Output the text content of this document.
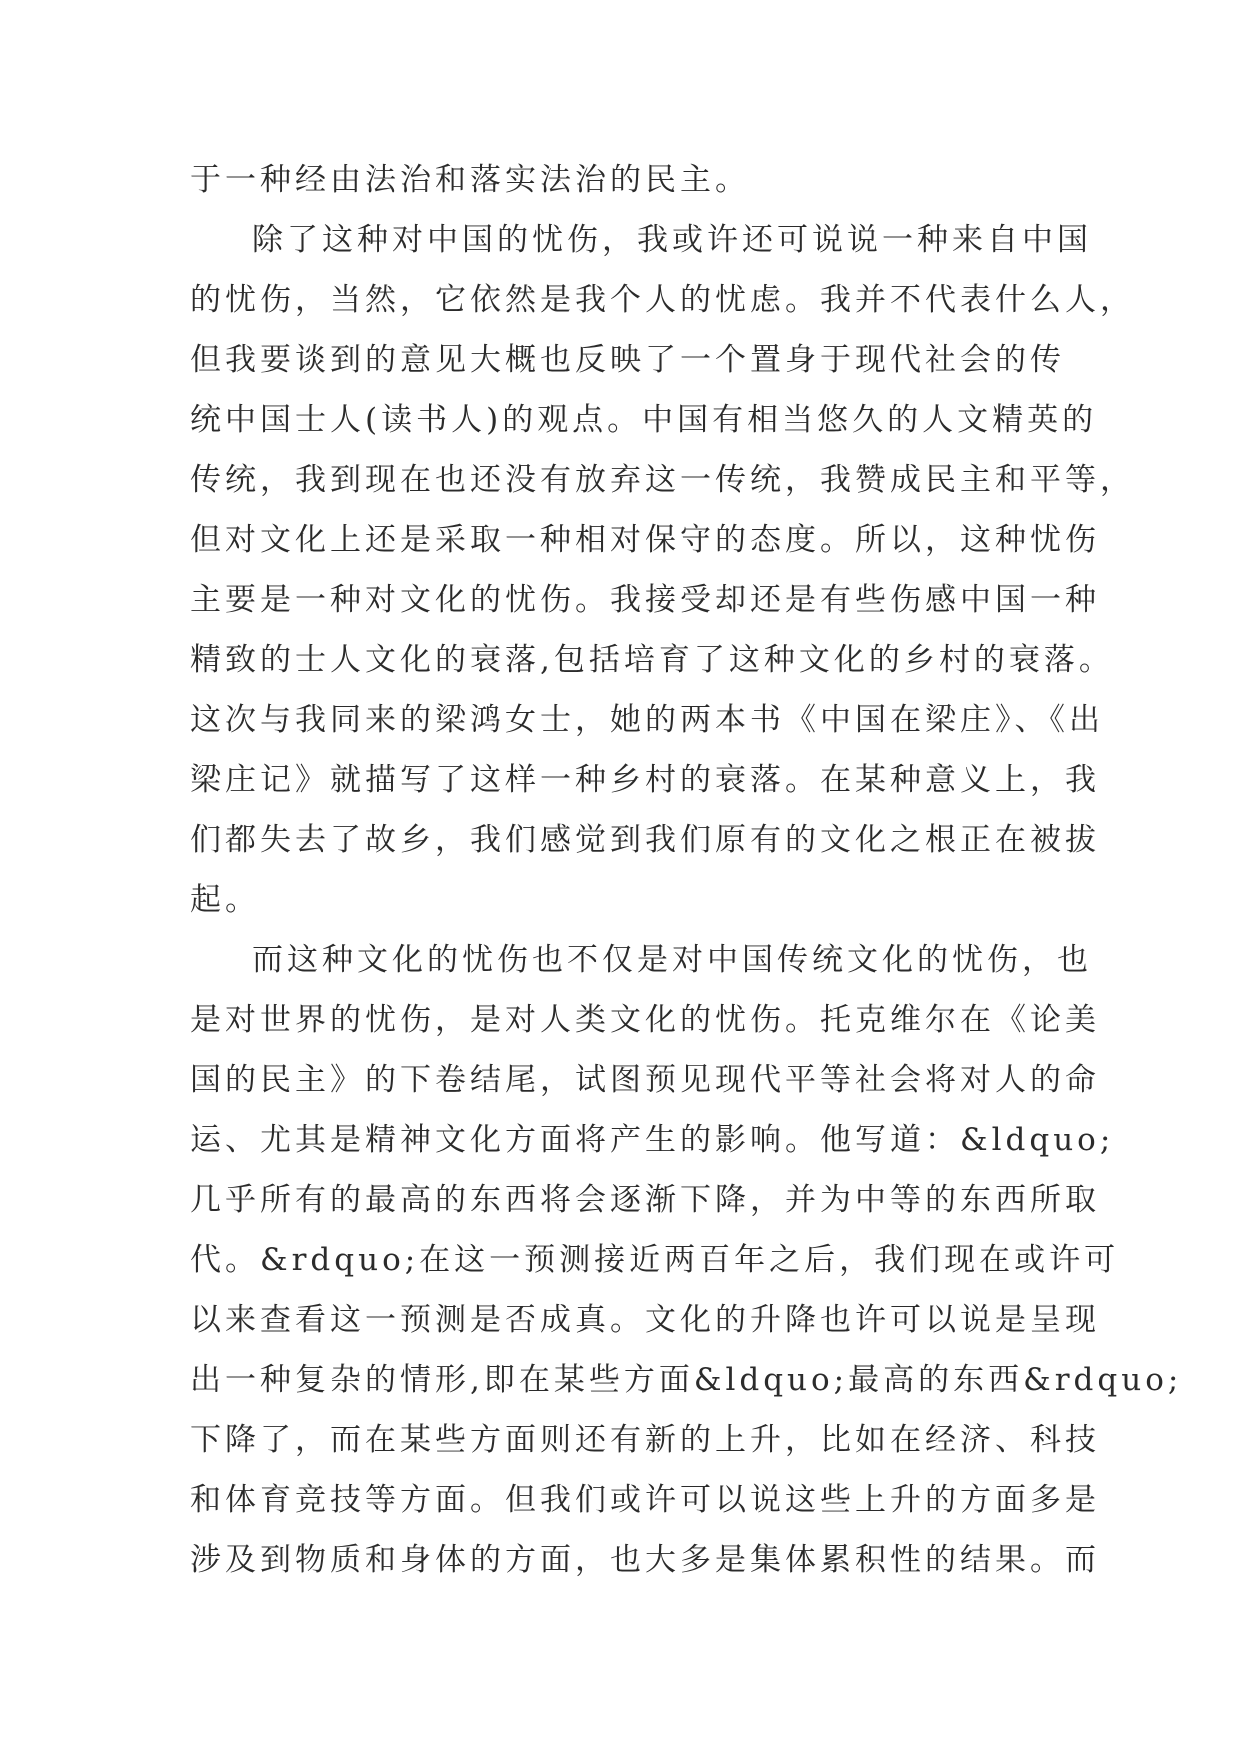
于一种经由法治和落实法治的民主。
除了这种对中国的忧伤，我或许还可说说一种来自中国
的忧伤，当然，它依然是我个人的忧虑。我并不代表什么人，
但我要谈到的意见大概也反映了一个置身于现代社会的传
统中国士人(读书人)的观点。中国有相当悠久的人文精英的
传统，我到现在也还没有放弃这一传统，我赞成民主和平等，
但对文化上还是采取一种相对保守的态度。所以，这种忧伤
主要是一种对文化的忧伤。我接受却还是有些伤感中国一种
精致的士人文化的衰落,包括培育了这种文化的乡村的衰落。
这次与我同来的梁鸿女士，她的两本书《中国在梁庄》、《出
梁庄记》就描写了这样一种乡村的衰落。在某种意义上，我
们都失去了故乡，我们感觉到我们原有的文化之根正在被拔
起。
而这种文化的忧伤也不仅是对中国传统文化的忧伤，也
是对世界的忧伤，是对人类文化的忧伤。托克维尔在《论美
国的民主》的下卷结尾，试图预见现代平等社会将对人的命
运、尤其是精神文化方面将产生的影响。他写道：&ldquo;
几乎所有的最高的东西将会逐渐下降，并为中等的东西所取
代。&rdquo;在这一预测接近两百年之后，我们现在或许可
以来查看这一预测是否成真。文化的升降也许可以说是呈现
出一种复杂的情形,即在某些方面&ldquo;最高的东西&rdquo;
下降了，而在某些方面则还有新的上升，比如在经济、科技
和体育竞技等方面。但我们或许可以说这些上升的方面多是
涉及到物质和身体的方面，也大多是集体累积性的结果。而
